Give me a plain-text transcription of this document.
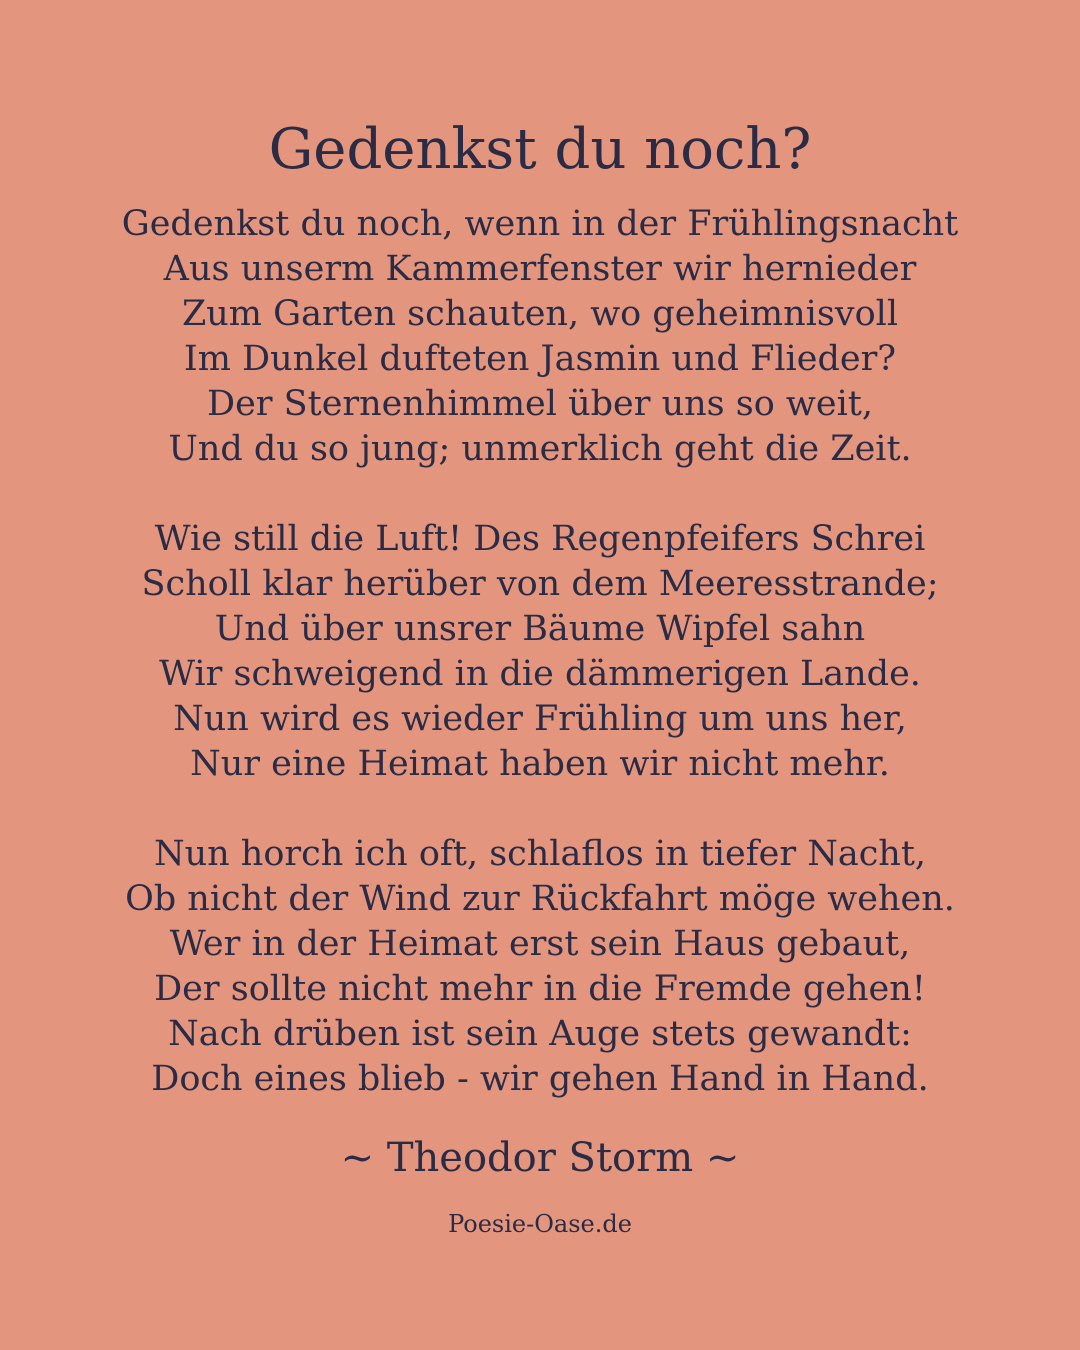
Gedenkst du noch?
Gedenkst du noch, wenn in der Frühlingsnacht
Aus unserm Kammerfenster wir hernieder
Zum Garten schauten, wo geheimnisvoll
Im Dunkel dufteten Jasmin und Flieder?
Der Sternenhimmel über uns so weit,
Und du so jung; unmerklich geht die Zeit.
Wie still die Luft! Des Regenpfeifers Schrei
Scholl klar herüber von dem Meeresstrande;
Und über unsrer Bäume Wipfel sahn
Wir schweigend in die dämmerigen Lande.
Nun wird es wieder Frühling um uns her,
Nur eine Heimat haben wir nicht mehr.
Nun horch ich oft, schlaflos in tiefer Nacht,
Ob nicht der Wind zur Rückfahrt möge wehen.
Wer in der Heimat erst sein Haus gebaut,
Der sollte nicht mehr in die Fremde gehen!
Nach drüben ist sein Auge stets gewandt:
Doch eines blieb - wir gehen Hand in Hand.
~ Theodor Storm ~
Poesie-Oase.de
